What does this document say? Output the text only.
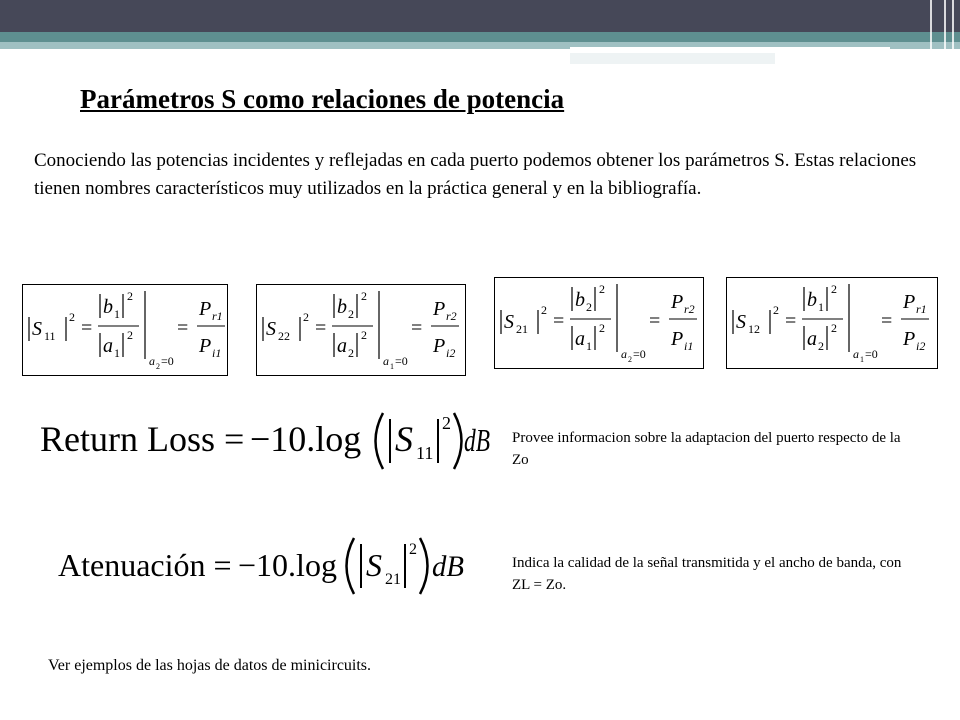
Parámetros S como relaciones de potencia
Conociendo las potencias incidentes y reflejadas en cada puerto podemos obtener los parámetros S. Estas relaciones tienen nombres característicos muy utilizados en la práctica general y en la bibliografía.
S 11
2 =
b 1
2
a 1
2
a 2 =0
=
P r1
P i1
S 22
2 =
b 2
2
a 2
2
a 1 =0
=
P r2
P i2
S 21
2 =
b 2
2
a 1
2
a 2 =0
=
P r2
P i1
S 12
2 =
b 1
2
a 2
2
a 1 =0
=
P r1
P i2
Return Loss = −10.log S 11
2 dB Provee informacion sobre la adaptacion del puerto respecto de la Zo
Atenuación = −10.log S 21
2
dB	Indica la calidad de la señal transmitida y el ancho de banda, con ZL = Zo.
Ver ejemplos de las hojas de datos de minicircuits.
